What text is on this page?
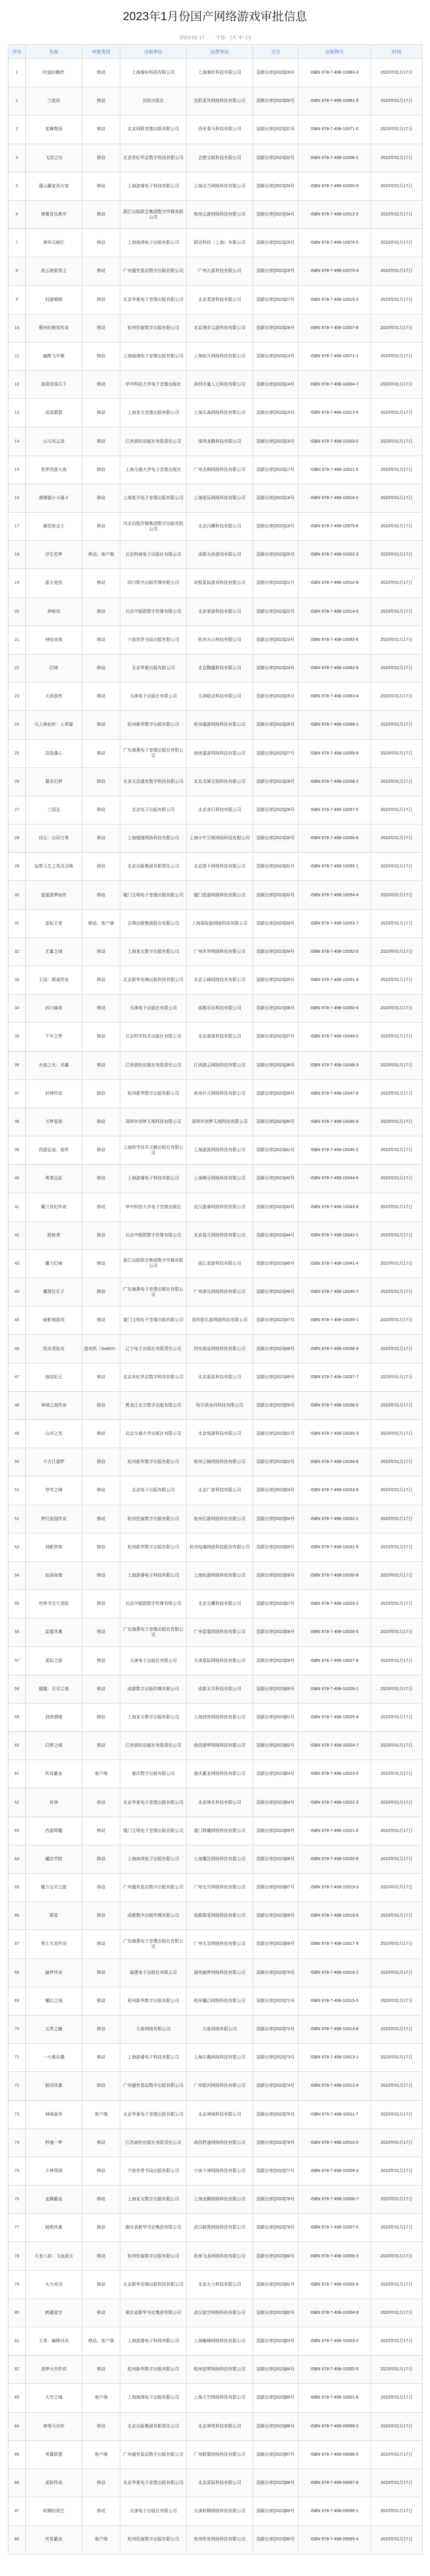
2023年1月份国产网络游戏审批信息
2023-01-17 字体：[大 中 小]
序号	名称	申报类别	出版单位	运营单位	文号	出版物号	时间
1	时盘的羁绊	移动	上海秦时科技有限公司	上海秦时科技有限公司	国新出审[2023]29号	ISBN 978-7-498-10983-3	2023年01月17日
2	兰花坊	移动	沈阳出版社	沈阳亚风网络科技有限公司	国新出审[2023]30号	ISBN 978-7-498-10981-9	2023年01月17日
3	花舞物语	移动	北京网联音像出版有限公司	西安喜马科技有限公司	国新出审[2023]31号	ISBN 978-7-498-10971-0	2023年01月17日
4	飞羽之勾	移动	北京世纪华京数字科技有限公司	合肥文娱科技有限公司	国新出审[2023]32号	ISBN 978-7-498-10006-1	2023年01月17日
5	蓬山赢家西方客	移动	上海游睿电子科技有限公司	上海点当网络科技有限公司	国新出审[2023]33号	ISBN 978-7-498-10000-9	2023年01月17日
6	弹幕音乐都市	移动	浙江出版联合集团数字传媒有限公司	杭州云游网络科技有限公司	国新出审[2023]34号	ISBN 978-7-498-10012-2	2023年01月17日
7	神风天痕忆	移动	上海海鸿电子出版有限公司	蔚迈科技（上海）有限公司	国新出审[2023]25号	ISBN 978-7-498-10976-5	2023年01月17日
8	流云地狱领主	移动	广州盛世星辰数字出版有限公司	广州九星科技有限公司	国新出审[2023]26号	ISBN 978-7-498-10070-4	2023年01月17日
9	轻游嘻嘻	移动	北京华夏电子音像出版有限公司	北京青游科技有限公司	国新出审[2023]27号	ISBN 978-7-498-10015-3	2023年01月17日
10	幕府的刺客传说	移动	杭州恒泰数字出版有限公司	北京漫步云游科技有限公司	国新出审[2023]28号	ISBN 978-7-498-10007-8	2023年01月17日
11	幽默飞车赛	移动	上海闻海电子音像出版有限公司	上海炫月网络科技有限公司	国新出审[2023]13号	ISBN 978-7-498-10071-1	2023年01月17日
12	战将帝国天下	移动	华中科技大学电子音像出版社	深圳市量人元科技有限公司	国新出审[2023]14号	ISBN 978-7-498-10004-7	2023年01月17日
13	成语猜猜	移动	上海亚太音像出版有限公司	上海乐森网络科技有限公司	国新出审[2023]15号	ISBN 978-7-498-10013-9	2023年01月17日
14	山川风云录	移动	江西高校出版社有限责任公司	深圳龙腾科技有限公司	国新出审[2023]16号	ISBN 978-7-498-10003-0	2023年01月17日
15	世界西游大战	移动	上海交通大学电子音像出版社	广州灵枫网络科技有限公司	国新出审[2023]17号	ISBN 978-7-498-10011-5	2023年01月17日
16	滑稽猫小卡通卡	移动	上海复旦电子音像出版有限公司	上海爱玩网络科技有限公司	国新出审[2023]18号	ISBN 978-7-498-10016-0	2023年01月17日
17	最佳射击王	移动	河北出版传媒集团数字出版有限公司	北京闪耀科技有限公司	国新出审[2023]19号	ISBN 978-7-498-10975-8	2023年01月17日
18	浮生若梦	移动、客户端	北京科海电子出版社有限公司	成都天府游戏有限公司	国新出审[2023]20号	ISBN 978-7-498-10002-3	2023年01月17日
19	蓝天竞技	移动	四川数字出版传媒有限公司	成都星际游戏科技有限公司	国新出审[2023]21号	ISBN 978-7-498-10010-8	2023年01月17日
20	神秘岛	移动	北京中版联数字传媒有限公司	北京掌游科技有限公司	国新出审[2023]22号	ISBN 978-7-498-10014-6	2023年01月17日
21	神仙奇缘	移动	宁波世界书局出版有限公司	杭州火山科技有限公司	国新出审[2023]23号	ISBN 978-7-498-10063-6	2023年01月17日
22	幻境	移动	北京华夏出版有限公司	北京腾越科技有限公司	国新出审[2023]24号	ISBN 978-7-498-10062-9	2023年01月17日
23	天涯游侠	移动	天津电子出版社有限公司	天津联动科技有限公司	国新出审[2023]25号	ISBN 978-7-498-10063-4	2023年01月17日
24	凡人修仙传：人界篇	移动	杭州新华数字出版有限公司	杭州盛游网络科技有限公司	国新出审[2023]26号	ISBN 978-7-498-10068-1	2023年01月17日
25	羽战雄心	移动	广东海燕电子音像出版社有限公司	海南嘉游网络科技有限公司	国新出审[2023]27号	ISBN 978-7-498-10059-9	2023年01月17日
26	暮光幻梦	移动	北京天浩盛世数字科技有限公司	北京灵犀互娱科技有限公司	国新出审[2023]28号	ISBN 978-7-498-10058-2	2023年01月17日
27	三国志	移动	北京电子出版有限公司	北京奇幻科技有限公司	国新出审[2023]29号	ISBN 978-7-498-10057-5	2023年01月17日
28	诗云：山河万里	移动	上海瑞迦网络科技有限公司	上海小牛互娱网络科技有限公司	国新出审[2023]30号	ISBN 978-7-498-10056-8	2023年01月17日
29	妄想人生之英灵召唤	移动	北京出版集团有限责任公司	北京游卡网络科技有限公司	国新出审[2023]31号	ISBN 978-7-498-10055-1	2023年01月17日
30	逍遥游梦仙传	移动	厦门文明电子音像出版有限公司	厦门思游网络科技有限公司	国新出审[2023]32号	ISBN 978-7-498-10054-4	2023年01月17日
31	星际王者	移动、客户端	吉林出版集团股份有限公司	上海星际游网络科技有限公司	国新出审[2023]33号	ISBN 978-7-498-10053-7	2023年01月17日
32	无量之城	移动	上海亚太数字出版有限公司	广州风华网络科技有限公司	国新出审[2023]34号	ISBN 978-7-498-10052-0	2023年01月17日
33	王国：圆桌传说	移动	北京新华先锋出版科技有限公司	北京云峰网络技术有限公司	国新出审[2023]35号	ISBN 978-7-498-10051-3	2023年01月17日
34	四川麻将	移动	天津电子出版社有限公司	成都乐玩科技有限公司	国新出审[2023]36号	ISBN 978-7-498-10050-6	2023年01月17日
35	千年之梦	移动	北京科学技术出版社有限公司	北京睿游科技有限公司	国新出审[2023]37号	ISBN 978-7-498-10049-0	2023年01月17日
36	火焰之光：光翼	移动	江西高校出版社有限责任公司	江西游云网络科技有限公司	国新出审[2023]38号	ISBN 978-7-498-10048-3	2023年01月17日
37	封神传说	移动	杭州新华数字出版有限公司	杭州开元网络科技有限公司	国新出审[2023]39号	ISBN 978-7-498-10047-6	2023年01月17日
38	万梦星球	移动	深圳市创梦天地科技有限公司	深圳市创梦天地科技有限公司	国新出审[2023]40号	ISBN 978-7-498-10046-9	2023年01月17日
39	西游征途：前传	移动	上海科学技术文献出版社有限公司	上海游族网络科技有限公司	国新出审[2023]41号	ISBN 978-7-498-10045-2	2023年01月17日
40	勇者远征	移动	上海游睿电子科技有限公司	上海萌豆网络科技有限公司	国新出审[2023]42号	ISBN 978-7-498-10044-5	2023年01月17日
41	魔兰世纪传说	移动	华中科技大学电子音像出版社	武汉游睿网络科技有限公司	国新出审[2023]43号	ISBN 978-7-498-10043-8	2023年01月17日
42	探秘者	移动	北京中版联数字传媒有限公司	北京星月网络科技有限公司	国新出审[2023]44号	ISBN 978-7-498-10042-1	2023年01月17日
43	魔力幻境	移动	浙江出版联合集团数字传媒有限公司	浙江星游科技有限公司	国新出审[2023]45号	ISBN 978-7-498-10041-4	2023年01月17日
44	魔堡狂乐子	移动	广东海燕电子音像出版社有限公司	广州游乐网络科技有限公司	国新出审[2023]46号	ISBN 978-7-498-10040-7	2023年01月17日
45	暗影城游戏	移动	厦门文明电子音像出版有限公司	深圳普乐游网络科技有限公司	国新出审[2023]47号	ISBN 978-7-498-10039-1	2023年01月17日
46	怪奇冒险岛	游戏机（Switch）	辽宁电子出版社有限责任公司	西安游品网络科技有限公司	国新出审[2023]48号	ISBN 978-7-498-10038-4	2023年01月17日
47	海淀纪元	移动	北京世纪华京数字科技有限公司	北京蓝星科技有限公司	国新出审[2023]49号	ISBN 978-7-498-10037-7	2023年01月17日
48	神域之战传奇	移动	黑龙江北方数字出版有限公司	哈尔滨冰河科技有限公司	国新出审[2023]50号	ISBN 978-7-498-10036-0	2023年01月17日
49	山河之杰	移动	北京交通大学出版社有限公司	北京悦游科技有限公司	国新出审[2023]51号	ISBN 978-7-498-10035-3	2023年01月17日
50	千古江湖梦	移动	杭州新华数字出版有限公司	杭州云锦网络科技有限公司	国新出审[2023]52号	ISBN 978-7-498-10034-6	2023年01月17日
51	苍穹之境	移动	北京电子出版有限公司	北京广游科技有限公司	国新出审[2023]53号	ISBN 978-7-498-10033-9	2023年01月17日
52	梦幻家园传说	移动	杭州恒泰数字出版有限公司	杭州幻游网络科技有限公司	国新出审[2023]54号	ISBN 978-7-498-10032-2	2023年01月17日
53	剑影侠客	移动	杭州新华数字出版有限公司	杭州电魂网络科技股份有限公司	国新出审[2023]55号	ISBN 978-7-498-10031-5	2023年01月17日
54	仙剑奇缘	移动	上海游睿电子科技有限公司	上海仙游网络科技有限公司	国新出审[2023]56号	ISBN 978-7-498-10030-8	2023年01月17日
55	世界寻宝大冒险	移动	北京中版联数字传媒有限公司	北京宝藏科技有限公司	国新出审[2023]57号	ISBN 978-7-498-10029-2	2023年01月17日
56	雷霆风暴	移动	广东海燕电子音像出版社有限公司	广州雷霆网络科技有限公司	国新出审[2023]58号	ISBN 978-7-498-10028-5	2023年01月17日
57	星际之旅	移动	天津电子出版社有限公司	天津星际网络科技有限公司	国新出审[2023]59号	ISBN 978-7-498-10027-8	2023年01月17日
58	超越：无尽之地	移动	成都数字出版传媒有限公司	成都无尽科技有限公司	国新出审[2023]60号	ISBN 978-7-498-10026-1	2023年01月17日
59	剑侠情缘	移动	上海亚太数字出版有限公司	上海剑侠网络科技有限公司	国新出审[2023]61号	ISBN 978-7-498-10025-4	2023年01月17日
60	幻梦之城	移动	江西高校出版社有限责任公司	南昌游梦网络科技有限公司	国新出审[2023]62号	ISBN 978-7-498-10024-7	2023年01月17日
61	传奇霸业	客户端	重庆数字出版有限公司	重庆霸业网络科技有限公司	国新出审[2023]63号	ISBN 978-7-498-10023-0	2023年01月17日
62	有林	移动	北京华夏电子音像出版有限公司	北京林木科技有限公司	国新出审[2023]64号	ISBN 978-7-498-10022-3	2023年01月17日
63	西游降魔	移动	厦门文明电子音像出版有限公司	厦门降魔网络科技有限公司	国新出审[2023]65号	ISBN 978-7-498-10021-6	2023年01月17日
64	魔法学院	移动	上海海鸿电子出版有限公司	上海魔法网络科技有限公司	国新出审[2023]66号	ISBN 978-7-498-10020-9	2023年01月17日
65	魔力宝贝之旅	移动	广州盛世星辰数字出版有限公司	广州宝贝网络科技有限公司	国新出审[2023]67号	ISBN 978-7-498-10019-3	2023年01月17日
66	群星	移动	成都数字出版传媒有限公司	成都群星网络科技有限公司	国新出审[2023]68号	ISBN 978-7-498-10018-6	2023年01月17日
67	勇士无双传说	移动	广东海燕电子音像出版社有限公司	广州无双网络科技有限公司	国新出审[2023]69号	ISBN 978-7-498-10017-9	2023年01月17日
68	幽梦传奇	移动	福建电子出版社有限公司	福州幽梦网络科技有限公司	国新出审[2023]70号	ISBN 978-7-498-10016-2	2023年01月17日
69	魔幻之城	移动	杭州新华数字出版有限公司	杭州魔幻网络科技有限公司	国新出审[2023]71号	ISBN 978-7-498-10015-5	2023年01月17日
70	五界之巅	移动	大象网络有限公司	大象网络有限公司	国新出审[2023]72号	ISBN 978-7-498-10014-8	2023年01月17日
71	一大堆乐趣	移动	上海游睿电子科技有限公司	上海乐趣网络科技有限公司	国新出审[2023]73号	ISBN 978-7-498-10013-1	2023年01月17日
72	银河风暴	移动	广州盛世星辰数字出版有限公司	广州银河网络科技有限公司	国新出审[2023]74号	ISBN 978-7-498-10012-4	2023年01月17日
73	神域战争	客户端	北京华夏电子音像出版有限公司	北京神域科技有限公司	国新出审[2023]75号	ISBN 978-7-498-10011-7	2023年01月17日
74	秒速一梦	移动	江西高校出版社有限责任公司	南昌秒速网络科技有限公司	国新出审[2023]76号	ISBN 978-7-498-10010-0	2023年01月17日
75	斗神领域	移动	宁波世界书局出版有限公司	宁波斗神网络科技有限公司	国新出审[2023]77号	ISBN 978-7-498-10009-4	2023年01月17日
76	龙腾霸业	移动	上海亚太数字出版有限公司	上海龙腾网络科技有限公司	国新出审[2023]78号	ISBN 978-7-498-10008-7	2023年01月17日
77	暗黑风暴	移动	湖北省新华书店集团有限公司	武汉暗黑网络科技有限公司	国新出审[2023]79号	ISBN 978-7-498-10007-0	2023年01月17日
78	天龙八部：飞龙战天	移动	杭州恒泰数字出版有限公司	杭州飞龙网络科技有限公司	国新出审[2023]80号	ISBN 978-7-498-10006-3	2023年01月17日
79	火力对决	移动	北京新华先锋出版科技有限公司	北京火力科技有限公司	国新出审[2023]81号	ISBN 978-7-498-10005-6	2023年01月17日
80	跨越星空	移动	湖北省新华书店集团有限公司	武汉星空网络科技有限公司	国新出审[2023]82号	ISBN 978-7-498-10004-9	2023年01月17日
81	王者：巅峰对决	移动、客户端	上海游睿电子科技有限公司	上海巅峰网络科技有限公司	国新出审[2023]83号	ISBN 978-7-498-10003-2	2023年01月17日
82	造梦天空传说	移动	杭州新华数字出版有限公司	杭州造梦网络科技有限公司	国新出审[2023]84号	ISBN 978-7-498-10002-5	2023年01月17日
83	天空之城	客户端	上海海鸿电子出版有限公司	上海天空网络科技有限公司	国新出审[2023]85号	ISBN 978-7-498-10001-8	2023年01月17日
84	神笔马良传	移动	北京出版集团有限责任公司	北京神笔科技有限公司	国新出审[2023]86号	ISBN 978-7-498-09999-2	2023年01月17日
85	英雄联盟	客户端	广州盛世星辰数字出版有限公司	广州联盟网络科技有限公司	国新出审[2023]87号	ISBN 978-7-498-09998-5	2023年01月17日
86	星际传说	移动	北京华夏电子音像出版有限公司	北京星际科技有限公司	国新出审[2023]88号	ISBN 978-7-498-09997-8	2023年01月17日
87	妖精的尾巴	移动	天津电子出版社有限公司	天津妖精网络科技有限公司	国新出审[2023]89号	ISBN 978-7-498-09996-1	2023年01月17日
88	传世霸业	客户端	杭州恒泰数字出版有限公司	杭州传世网络科技有限公司	国新出审[2023]90号	ISBN 978-7-498-09995-4	2023年01月17日
